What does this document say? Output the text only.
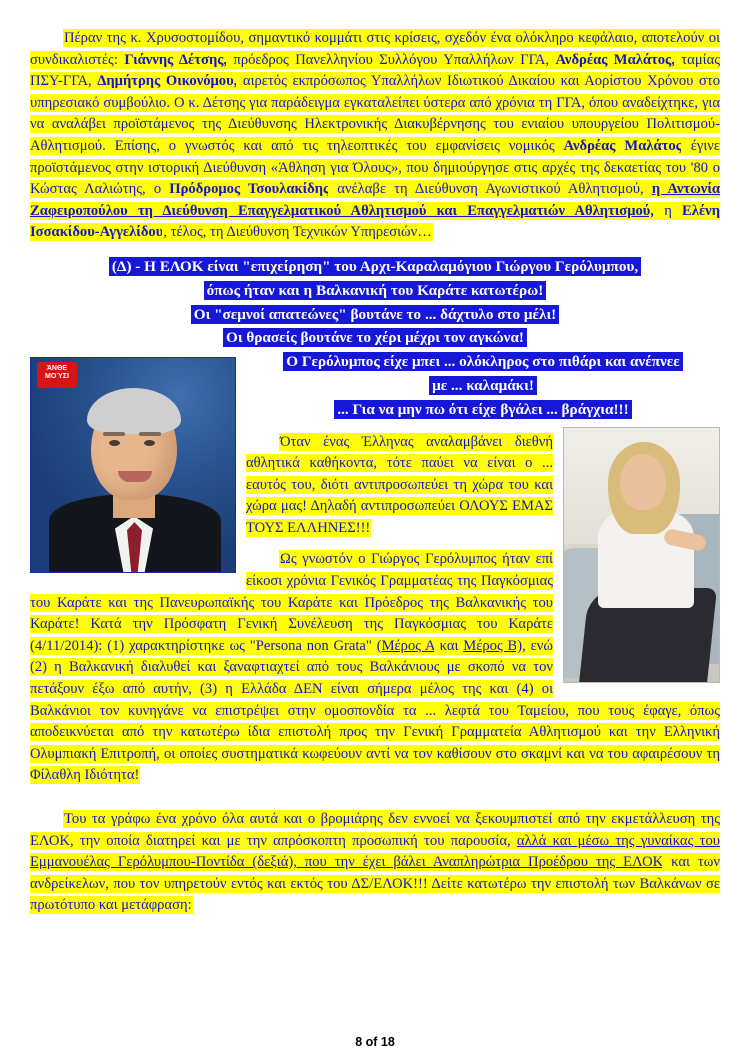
Πέραν της κ. Χρυσοστομίδου, σημαντικό κομμάτι στις κρίσεις, σχεδόν ένα ολόκληρο κεφάλαιο, αποτελούν οι συνδικαλιστές: Γιάννης Δέτσης, πρόεδρος Πανελληνίου Συλλόγου Υπαλλήλων ΓΓΑ, Ανδρέας Μαλάτος, ταμίας ΠΣΥ-ΓΓΑ, Δημήτρης Οικονόμου, αιρετός εκπρόσωπος Υπαλλήλων Ιδιωτικού Δικαίου και Αορίστου Χρόνου στο υπηρεσιακό συμβούλιο. Ο κ. Δέτσης για παράδειγμα εγκαταλείπει ύστερα από χρόνια τη ΓΓΑ, όπου αναδείχτηκε, για να αναλάβει προϊστάμενος της Διεύθυνσης Ηλεκτρονικής Διακυβέρνησης του ενιαίου υπουργείου Πολιτισμού-Αθλητισμού. Επίσης, ο γνωστός και από τις τηλεοπτικές του εμφανίσεις νομικός Ανδρέας Μαλάτος έγινε προϊστάμενος στην ιστορική Διεύθυνση «Άθληση για Όλους», που δημιούργησε στις αρχές της δεκαετίας του '80 ο Κώστας Λαλιώτης, ο Πρόδρομος Τσουλακίδης ανέλαβε τη Διεύθυνση Αγωνιστικού Αθλητισμού, η Αντωνία Ζαφειροπούλου τη Διεύθυνση Επαγγελματικού Αθλητισμού και Επαγγελματιών Αθλητισμού, η Ελένη Ισσακίδου-Αγγελίδου, τέλος, τη Διεύθυνση Τεχνικών Υπηρεσιών…

(Δ) - Η ΕΛΟΚ είναι "επιχείρηση" του Αρχι-Καραλαμόγιου Γιώργου Γερόλυμπου,
όπως ήταν και η Βαλκανική του Καράτε κατωτέρω!
Οι "σεμνοί απατεώνες" βουτάνε το ... δάχτυλο στο μέλι!
Οι θρασείς βουτάνε το χέρι μέχρι τον αγκώνα!
ΆΝΘΕ
ΜΟΎΣΙ
Ο Γερόλυμπος είχε μπει ... ολόκληρος στο πιθάρι και ανέπνεε
με ... καλαμάκι!
... Για να μην πω ότι είχε βγάλει ... βράγχια!!!

Όταν ένας Έλληνας αναλαμβάνει διεθνή αθλητικά καθήκοντα, τότε παύει να είναι ο ... εαυτός του, διότι αντιπροσωπεύει τη χώρα του και χώρα μας! Δηλαδή αντιπροσωπεύει ΟΛΟΥΣ ΕΜΑΣ ΤΟΥΣ ΕΛΛΗΝΕΣ!!!

Ως γνωστόν ο Γιώργος Γερόλυμπος ήταν επί είκοσι χρόνια Γενικός Γραμματέας της Παγκόσμιας του Καράτε και της Πανευρωπαϊκής του Καράτε και Πρόεδρος της Βαλκανικής του Καράτε! Κατά την Πρόσφατη Γενική Συνέλευση της Παγκόσμιας του Καράτε (4/11/2014): (1) χαρακτηρίστηκε ως "Persona non Grata" (Μέρος Α και Μέρος Β), ενώ (2) η Βαλκανική διαλυθεί και ξαναφτιαχτεί από τους Βαλκάνιους με σκοπό να τον πετάξουν έξω από αυτήν, (3) η Ελλάδα ΔΕΝ είναι σήμερα μέλος της και (4) οι Βαλκάνιοι τον κυνηγάνε να επιστρέψει στην ομοσπονδία τα ... λεφτά του Ταμείου, που τους έφαγε, όπως αποδεικνύεται από την κατωτέρω ίδια επιστολή προς την Γενική Γραμματεία Αθλητισμού και την Ελληνική Ολυμπιακή Επιτροπή, οι οποίες συστηματικά κωφεύουν αντί να τον καθίσουν στο σκαμνί και να του αφαιρέσουν τη Φίλαθλη Ιδιότητα!

Του τα γράφω ένα χρόνο όλα αυτά και ο βρομιάρης δεν εννοεί να ξεκουμπιστεί από την εκμετάλλευση της ΕΛΟΚ, την οποία διατηρεί και με την απρόσκοπτη προσωπική του παρουσία, αλλά και μέσω της γυναίκας του Εμμανουέλας Γερόλυμπου-Ποντίδα (δεξιά), που την έχει βάλει Αναπληρώτρια Προέδρου της ΕΛΟΚ και των ανδρείκελων, που τον υπηρετούν εντός και εκτός του ΔΣ/ΕΛΟΚ!!! Δείτε κατωτέρω την επιστολή των Βαλκάνων σε πρωτότυπο και μετάφραση:

8 of 18
